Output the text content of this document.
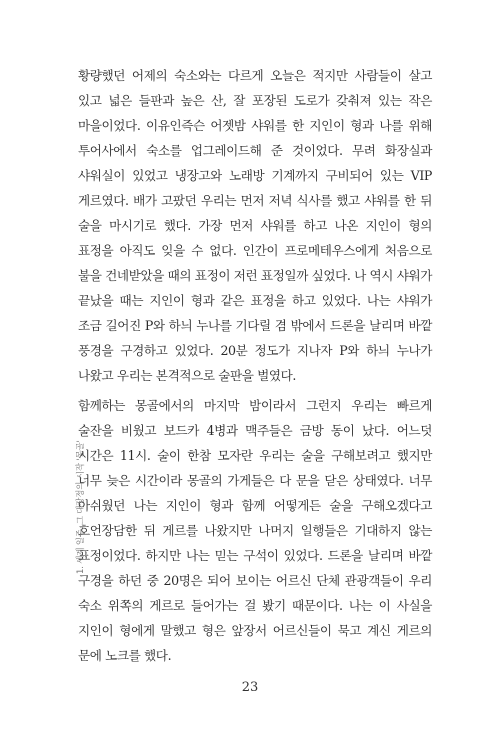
황량했던 어제의 숙소와는 다르게 오늘은 적지만 사람들이 살고 있고 넓은 들판과 높은 산, 잘 포장된 도로가 갖춰져 있는 작은 마을이었다. 이유인즉슨 어젯밤 샤워를 한 지인이 형과 나를 위해 투어사에서 숙소를 업그레이드해 준 것이었다. 무려 화장실과 샤워실이 있었고 냉장고와 노래방 기계까지 구비되어 있는 VIP 게르였다. 배가 고팠던 우리는 먼저 저녁 식사를 했고 샤워를 한 뒤 술을 마시기로 했다. 가장 먼저 샤워를 하고 나온 지인이 형의 표정을 아직도 잊을 수 없다. 인간이 프로메테우스에게 처음으로 불을 건네받았을 때의 표정이 저런 표정일까 싶었다. 나 역시 샤워가 끝났을 때는 지인이 형과 같은 표정을 하고 있었다. 나는 샤워가 조금 길어진 P와 하늬 누나를 기다릴 겸 밖에서 드론을 날리며 바깥 풍경을 구경하고 있었다. 20분 정도가 지나자 P와 하늬 누나가 나왔고 우리는 본격적으로 술판을 벌였다.

함께하는 몽골에서의 마지막 밤이라서 그런지 우리는 빠르게 술잔을 비웠고 보드카 4병과 맥주들은 금방 동이 났다. 어느덧 시간은 11시. 술이 한참 모자란 우리는 술을 구해보려고 했지만 너무 늦은 시간이라 몽골의 가게들은 다 문을 닫은 상태였다. 너무 아쉬웠던 나는 지인이 형과 함께 어떻게든 술을 구해오겠다고 호언장담한 뒤 게르를 나왔지만 나머지 일행들은 기대하지 않는 표정이었다. 하지만 나는 믿는 구석이 있었다. 드론을 날리며 바깥 구경을 하던 중 20명은 되어 보이는 어르신 단체 관광객들이 우리 숙소 위쪽의 게르로 들어가는 걸 봤기 때문이다. 나는 이 사실을 지인이 형에게 말했고 형은 앞장서 어르신들이 묵고 계신 게르의 문에 노크를 했다.

1. 세계 일주, 그 대장정의 시작 '몽골'
23
